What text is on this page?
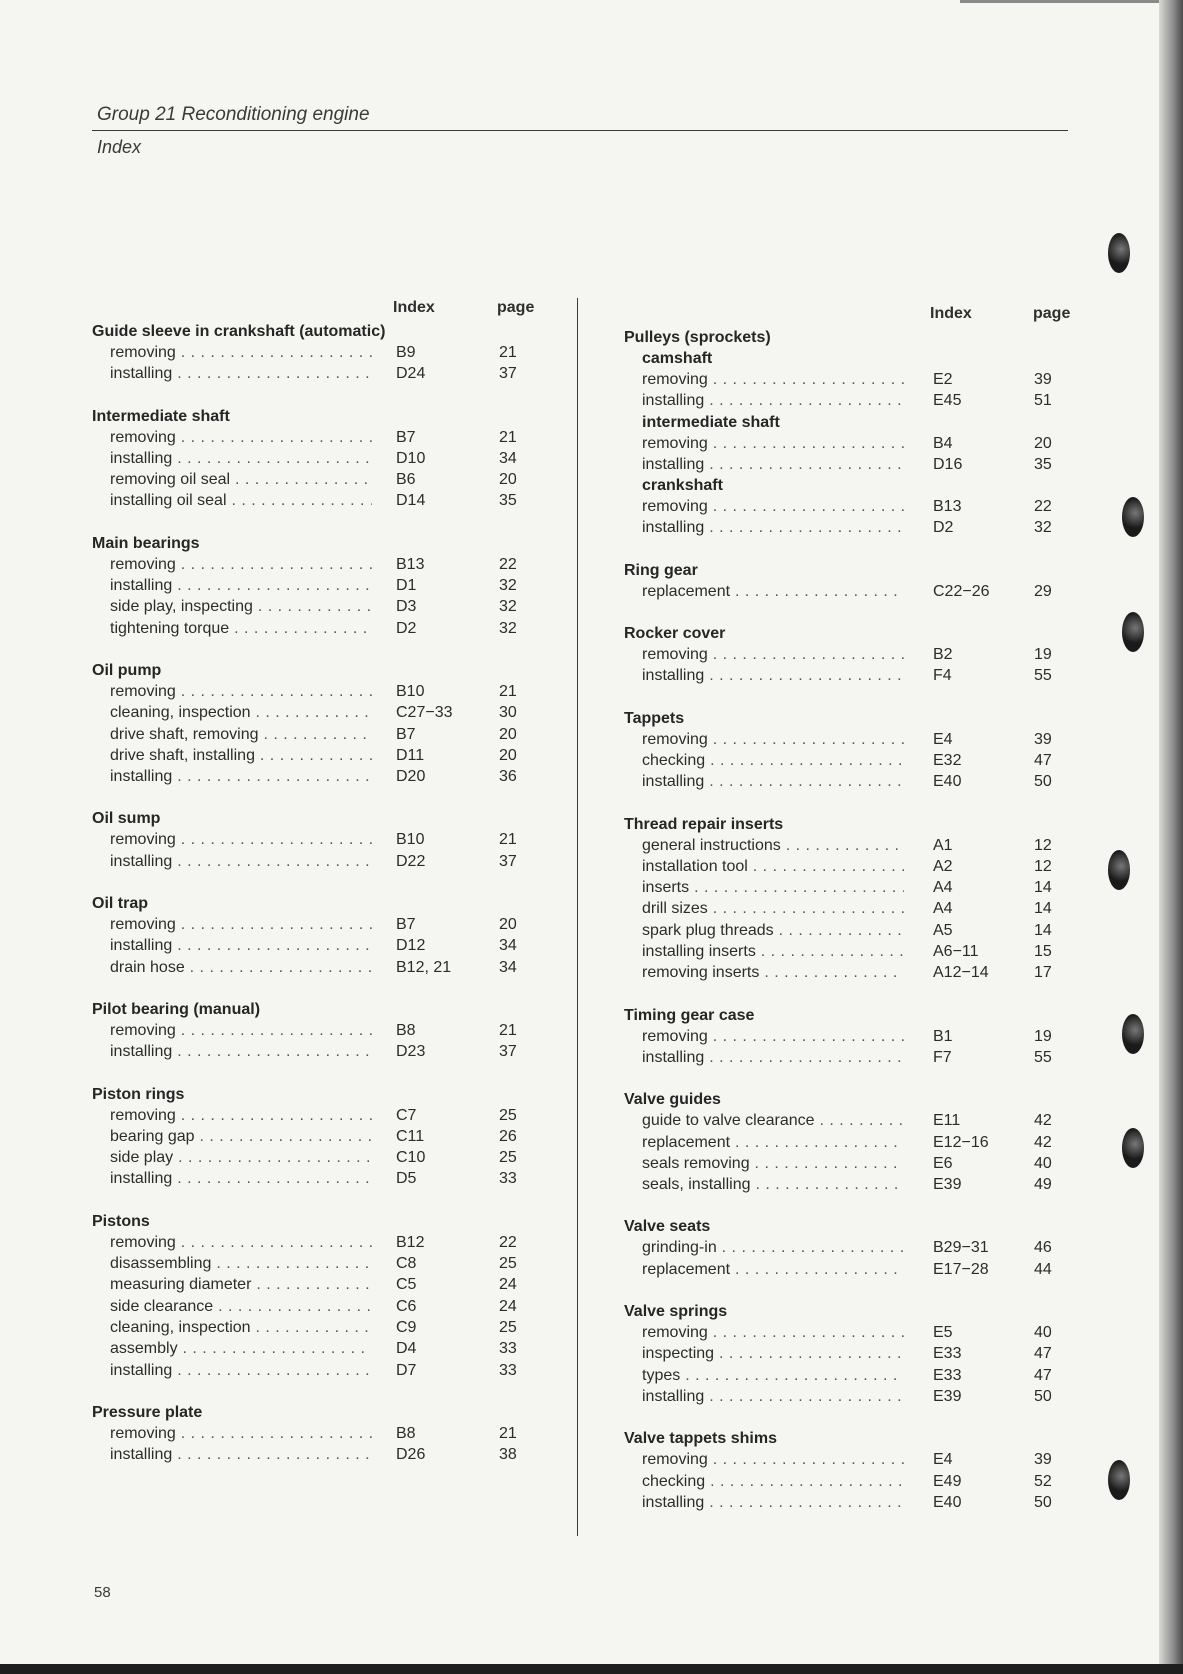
Group 21 Reconditioning engine
Index
Index	page
Guide sleeve in crankshaft (automatic)
removing . . .	B9	21
installing . . .	D24	37
Intermediate shaft
removing . . .	B7	21
installing . . .	D10	34
removing oil seal . . .	B6	20
installing oil seal . . .	D14	35
Main bearings
removing . . .	B13	22
installing . . .	D1	32
side play, inspecting . . .	D3	32
tightening torque . . .	D2	32
Oil pump
removing . . .	B10	21
cleaning, inspection . . .	C27−33	30
drive shaft, removing . . .	B7	20
drive shaft, installing . . .	D11	20
installing . . .	D20	36
Oil sump
removing . . .	B10	21
installing . . .	D22	37
Oil trap
removing . . .	B7	20
installing . . .	D12	34
drain hose . . .	B12, 21	34
Pilot bearing (manual)
removing . . .	B8	21
installing . . .	D23	37
Piston rings
removing . . .	C7	25
bearing gap . . .	C11	26
side play . . .	C10	25
installing . . .	D5	33
Pistons
removing . . .	B12	22
disassembling . . .	C8	25
measuring diameter . . .	C5	24
side clearance . . .	C6	24
cleaning, inspection . . .	C9	25
assembly . . .	D4	33
installing . . .	D7	33
Pressure plate
removing . . .	B8	21
installing . . .	D26	38
Index	page
Pulleys (sprockets)
camshaft
removing . . .	E2	39
installing . . .	E45	51
intermediate shaft
removing . . .	B4	20
installing . . .	D16	35
crankshaft
removing . . .	B13	22
installing . . .	D2	32
Ring gear
replacement . . .	C22−26	29
Rocker cover
removing . . .	B2	19
installing . . .	F4	55
Tappets
removing . . .	E4	39
checking . . .	E32	47
installing . . .	E40	50
Thread repair inserts
general instructions . . .	A1	12
installation tool . . .	A2	12
inserts . . .	A4	14
drill sizes . . .	A4	14
spark plug threads . . .	A5	14
installing inserts . . .	A6−11	15
removing inserts . . .	A12−14	17
Timing gear case
removing . . .	B1	19
installing . . .	F7	55
Valve guides
guide to valve clearance . . .	E11	42
replacement . . .	E12−16	42
seals removing . . .	E6	40
seals, installing . . .	E39	49
Valve seats
grinding-in . . .	B29−31	46
replacement . . .	E17−28	44
Valve springs
removing . . .	E5	40
inspecting . . .	E33	47
types . . .	E33	47
installing . . .	E39	50
Valve tappets shims
removing . . .	E4	39
checking . . .	E49	52
installing . . .	E40	50
58
